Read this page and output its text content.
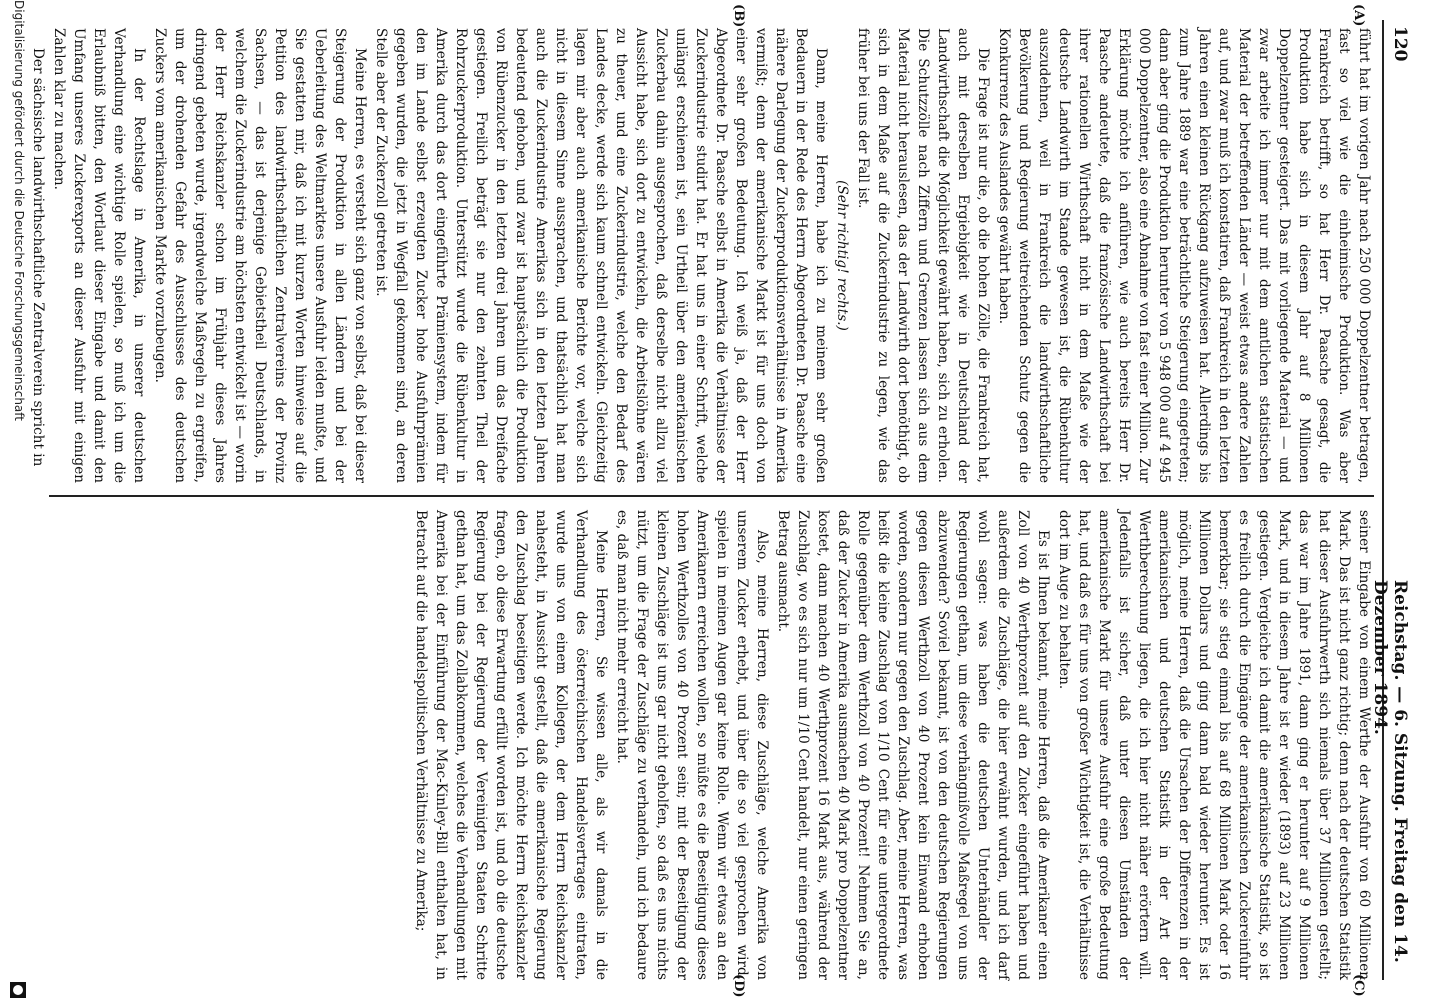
120
Reichstag. — 6. Sitzung. Freitag den 14. Dezember 1894.
(A)
(B)
(C)
(D)

führt hat im vorigen Jahr nach 250 000 Doppelzentner betragen, fast so viel wie die einheimische Produktion. Was aber Frankreich betrifft, so hat Herr Dr. Paasche gesagt, die Produktion habe sich in diesem Jahr auf 8 Millionen Doppelzentner gesteigert. Das mit vorliegende Material — und zwar arbeite ich immer nur mit dem amtlichen statistischen Material der betreffenden Länder — weist etwas andere Zahlen auf, und zwar muß ich konstatiren, daß Frankreich in den letzten Jahren einen kleinen Rückgang aufzuweisen hat. Allerdings bis zum Jahre 1889 war eine beträchtliche Steigerung eingetreten; dann aber ging die Produktion herunter von 5 948 000 auf 4 945 000 Doppelzentner, also eine Abnahme von fast einer Million. Zur Erklärung möchte ich anführen, wie auch bereits Herr Dr. Paasche andeutete, daß die französische Landwirthschaft bei ihrer rationellen Wirthschaft nicht in dem Maße wie der deutsche Landwirth im Stande gewesen ist, die Rübenkultur auszudehnen, weil in Frankreich die landwirthschaftliche Bevölkerung und Regierung weitreichenden Schutz gegen die Konkurrenz des Auslandes gewährt haben.

Die Frage ist nur die, ob die hohen Zölle, die Frankreich hat, auch mit derselben Ergiebigkeit wie in Deutschland der Landwirthschaft die Möglichkeit gewährt haben, sich zu erholen. Die Schutzzölle nach Ziffern und Grenzen lassen sich aus dem Material nicht herauslesen, das der Landwirth dort benöthigt, ob sich in dem Maße auf die Zuckerindustrie zu legen, wie das früher bei uns der Fall ist.

(Sehr richtig! rechts.)

Dann, meine Herren, habe ich zu meinem sehr großen Bedauern in der Rede des Herrn Abgeordneten Dr. Paasche eine nähere Darlegung der Zuckerproduktionsverhältnisse in Amerika vermißt; denn der amerikanische Markt ist für uns doch von einer sehr großen Bedeutung. Ich weiß ja, daß der Herr Abgeordnete Dr. Paasche selbst in Amerika die Verhältnisse der Zuckerindustrie studirt hat. Er hat uns in einer Schrift, welche unlängst erschienen ist, sein Urtheil über den amerikanischen Zuckerbau dahin ausgesprochen, daß derselbe nicht allzu viel Aussicht habe, sich dort zu entwickeln, die Arbeitslöhne wären zu theuer, und eine Zuckerindustrie, welche den Bedarf des Landes decke, werde sich kaum schnell entwickeln. Gleichzeitig lagen mir aber auch amerikanische Berichte vor, welche sich nicht in diesem Sinne aussprachen, und thatsächlich hat man auch die Zuckerindustrie Amerikas sich in den letzten Jahren bedeutend gehoben, und zwar ist hauptsächlich die Produktion von Rübenzucker in den letzten drei Jahren um das Dreifache gestiegen. Freilich beträgt sie nur den zehnten Theil der Rohrzuckerproduktion. Unterstützt wurde die Rübenkultur in Amerika durch das dort eingeführte Prämiensystem, indem für den im Lande selbst erzeugten Zucker hohe Ausfuhrprämien gegeben wurden, die jetzt in Wegfall gekommen sind, an deren Stelle aber der Zuckerzoll getreten ist.

Meine Herren, es versteht sich ganz von selbst, daß bei dieser Steigerung der Produktion in allen Ländern und bei der Ueberleitung des Weltmarktes unsere Ausfuhr leiden mußte, und Sie gestatten mir, daß ich mit kurzen Worten hinweise auf die Petition des landwirthschaftlichen Zentralvereins der Provinz Sachsen, — das ist derjenige Gebietstheil Deutschlands, in welchem die Zuckerindustrie am höchsten entwickelt ist — worin der Herr Reichskanzler schon im Frühjahr dieses Jahres dringend gebeten wurde, irgendwelche Maßregeln zu ergreifen, um der drohenden Gefahr des Ausschlusses des deutschen Zuckers vom amerikanischen Markte vorzubeugen.

In der Rechtslage in Amerika, in unserer deutschen Verhandlung eine wichtige Rolle spielen, so muß ich um die Erlaubniß bitten, den Wortlaut dieser Eingabe und damit den Umfang unseres Zuckerexports an dieser Ausfuhr mit einigen Zahlen klar zu machen.

Der sächsische landwirthschaftliche Zentralverein spricht in

seiner Eingabe von einem Werthe der Ausfuhr von 60 Millionen Mark. Das ist nicht ganz richtig; denn nach der deutschen Statistik hat dieser Ausfuhrwerth sich niemals über 37 Millionen gestellt; das war im Jahre 1891, dann ging er herunter auf 9 Millionen Mark, und in diesem Jahre ist er wieder (1893) auf 23 Millionen gestiegen. Vergleiche ich damit die amerikanische Statistik, so ist es freilich durch die Eingänge der amerikanischen Zuckereinfuhr bemerkbar; sie stieg einmal bis auf 68 Millionen Mark oder 16 Millionen Dollars und ging dann bald wieder herunter. Es ist möglich, meine Herren, daß die Ursachen der Differenzen in der amerikanischen und deutschen Statistik in der Art der Werthberechnung liegen, die ich hier nicht näher erörtern will. Jedenfalls ist sicher, daß unter diesen Umständen der amerikanische Markt für unsere Ausfuhr eine große Bedeutung hat, und daß es für uns von großer Wichtigkeit ist, die Verhältnisse dort im Auge zu behalten.

Es ist Ihnen bekannt, meine Herren, daß die Amerikaner einen Zoll von 40 Werthprozent auf den Zucker eingeführt haben und außerdem die Zuschläge, die hier erwähnt wurden, und ich darf wohl sagen: was haben die deutschen Unterhändler der Regierungen gethan, um diese verhängnißvolle Maßregel von uns abzuwenden? Soviel bekannt, ist von den deutschen Regierungen gegen diesen Werthzoll von 40 Prozent kein Einwand erhoben worden, sondern nur gegen den Zuschlag. Aber, meine Herren, was heißt die kleine Zuschlag von 1/10 Cent für eine untergeordnete Rolle gegenüber dem Werthzoll von 40 Prozent! Nehmen Sie an, daß der Zucker in Amerika ausmachen 40 Mark pro Doppelzentner kostet, dann machen 40 Werthprozent 16 Mark aus, während der Zuschlag, wo es sich nur um 1/10 Cent handelt, nur einen geringen Betrag ausmacht.

Also, meine Herren, diese Zuschläge, welche Amerika von unserem Zucker erhebt, und über die so viel gesprochen wird, spielen in meinen Augen gar keine Rolle. Wenn wir etwas an den Amerikanern erreichen wollen, so müßte es die Beseitigung dieses hohen Werthzolles von 40 Prozent sein; mit der Beseitigung der kleinen Zuschläge ist uns gar nicht geholfen, so daß es uns nichts nützt, um die Frage der Zuschläge zu verhandeln, und ich bedaure es, daß man nicht mehr erreicht hat.

Meine Herren, Sie wissen alle, als wir damals in die Verhandlung des österreichischen Handelsvertrages eintraten, wurde uns von einem Kollegen, der dem Herrn Reichskanzler nahesteht, in Aussicht gestellt, daß die amerikanische Regierung den Zuschlag beseitigen werde. Ich möchte Herrn Reichskanzler fragen, ob diese Erwartung erfüllt worden ist, und ob die deutsche Regierung bei der Regierung der Vereinigten Staaten Schritte gethan hat, um das Zollabkommen, welches die Verhandlungen mit Amerika bei der Einführung der Mac-Kinley-Bill enthalten hat, in Betracht auf die handelspolitischen Verhältnisse zu Amerika;

Digitalisierung gefördert durch die Deutsche Forschungsgemeinschaft
